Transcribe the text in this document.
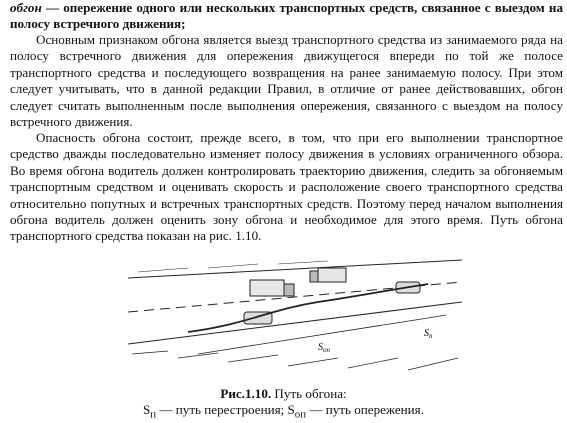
обгон — опережение одного или нескольких транспортных средств, связанное с выездом на полосу встречного движения;

Основным признаком обгона является выезд транспортного средства из занимаемого ряда на полосу встречного движения для опережения движущегося впереди по той же полосе транспортного средства и последующего возвращения на ранее занимаемую полосу. При этом следует учитывать, что в данной редакции Правил, в отличие от ранее действовавших, обгон следует считать выполненным после выполнения опережения, связанного с выездом на полосу встречного движения.

Опасность обгона состоит, прежде всего, в том, что при его выполнении транспортное средство дважды последовательно изменяет полосу движения в условиях ограниченного обзора. Во время обгона водитель должен контролировать траекторию движения, следить за обгоняемым транспортным средством и оценивать скорость и расположение своего транспортного средства относительно попутных и встречных транспортных средств. Поэтому перед началом выполнения обгона водитель должен оценить зону обгона и необходимое для этого время. Путь обгона транспортного средства показан на рис. 1.10.

$S_п$
$S_{оп}$
Рис.1.10. Путь обгона:
$S_п$ — путь перестроения; $S_{оп}$ — путь опережения.
